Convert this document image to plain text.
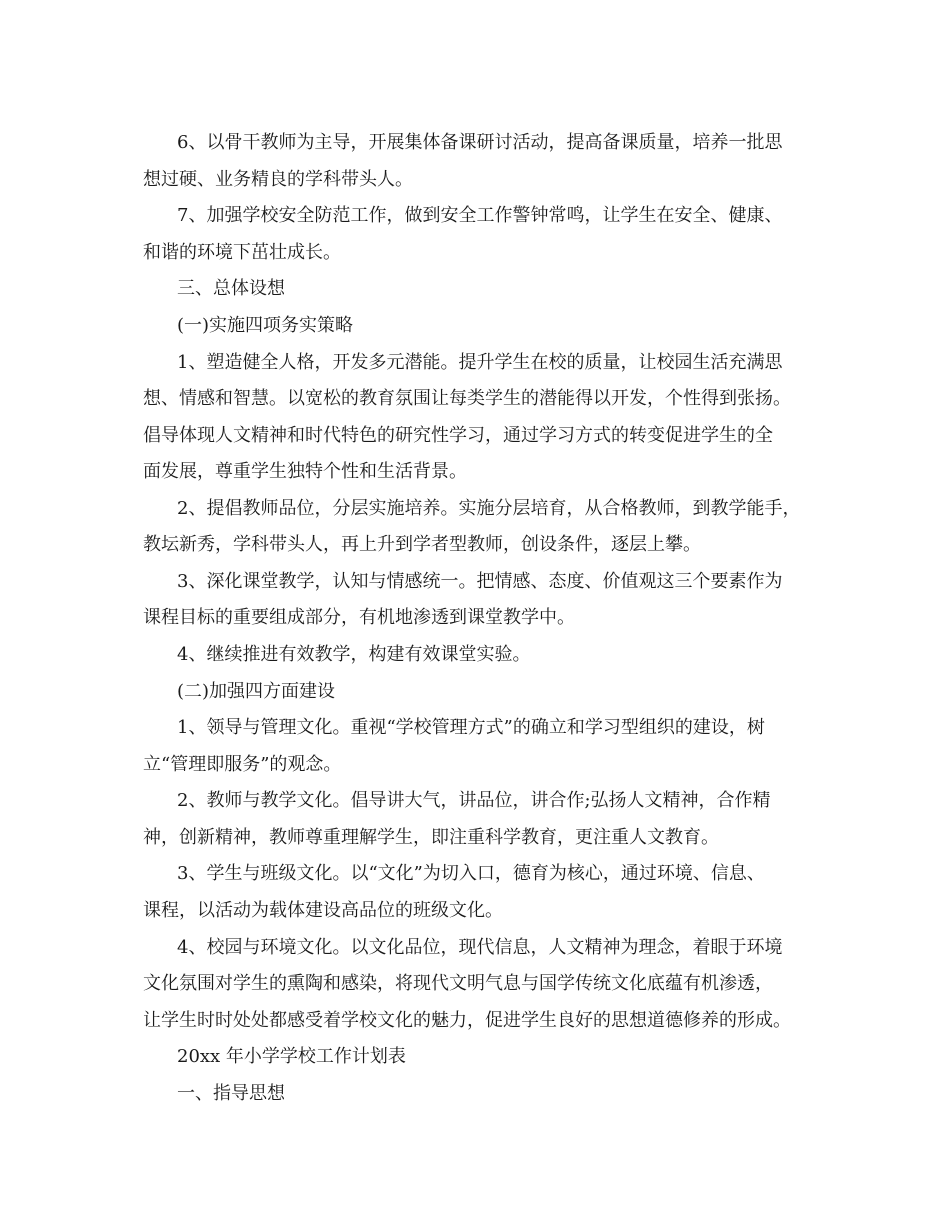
6、以骨干教师为主导，开展集体备课研讨活动，提高备课质量，培养一批思

想过硬、业务精良的学科带头人。

7、加强学校安全防范工作，做到安全工作警钟常鸣，让学生在安全、健康、

和谐的环境下茁壮成长。

三、总体设想

(一)实施四项务实策略

1、塑造健全人格，开发多元潜能。提升学生在校的质量，让校园生活充满思

想、情感和智慧。以宽松的教育氛围让每类学生的潜能得以开发，个性得到张扬。

倡导体现人文精神和时代特色的研究性学习，通过学习方式的转变促进学生的全

面发展，尊重学生独特个性和生活背景。

2、提倡教师品位，分层实施培养。实施分层培育，从合格教师，到教学能手，

教坛新秀，学科带头人，再上升到学者型教师，创设条件，逐层上攀。

3、深化课堂教学，认知与情感统一。把情感、态度、价值观这三个要素作为

课程目标的重要组成部分，有机地渗透到课堂教学中。

4、继续推进有效教学，构建有效课堂实验。

(二)加强四方面建设

1、领导与管理文化。重视“学校管理方式”的确立和学习型组织的建设，树

立“管理即服务”的观念。

2、教师与教学文化。倡导讲大气，讲品位，讲合作;弘扬人文精神，合作精

神，创新精神，教师尊重理解学生，即注重科学教育，更注重人文教育。

3、学生与班级文化。以“文化”为切入口，德育为核心，通过环境、信息、

课程，以活动为载体建设高品位的班级文化。

4、校园与环境文化。以文化品位，现代信息，人文精神为理念，着眼于环境

文化氛围对学生的熏陶和感染，将现代文明气息与国学传统文化底蕴有机渗透，

让学生时时处处都感受着学校文化的魅力，促进学生良好的思想道德修养的形成。

20xx 年小学学校工作计划表

一、指导思想
